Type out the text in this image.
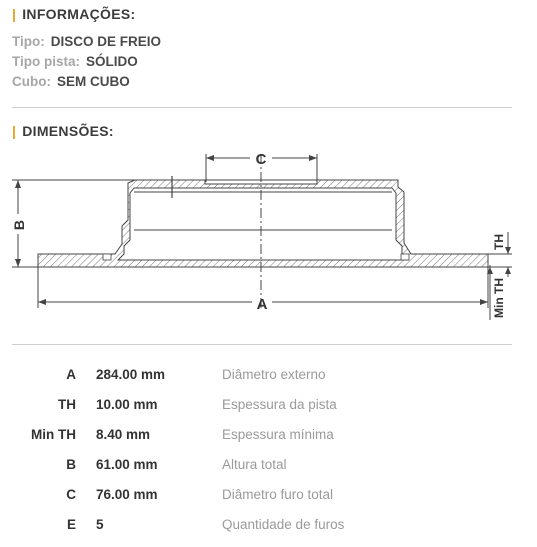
| INFORMAÇÕES:
Tipo: DISCO DE FREIO
Tipo pista: SÓLIDO
Cubo: SEM CUBO
| DIMENSÕES:
C
B
A
TH
Min TH
A 284.00 mm	Diâmetro externo
TH 10.00 mm	Espessura da pista
Min TH 8.40 mm	Espessura mínima
B 61.00 mm	Altura total
C 76.00 mm	Diâmetro furo total
E 5	Quantidade de furos
